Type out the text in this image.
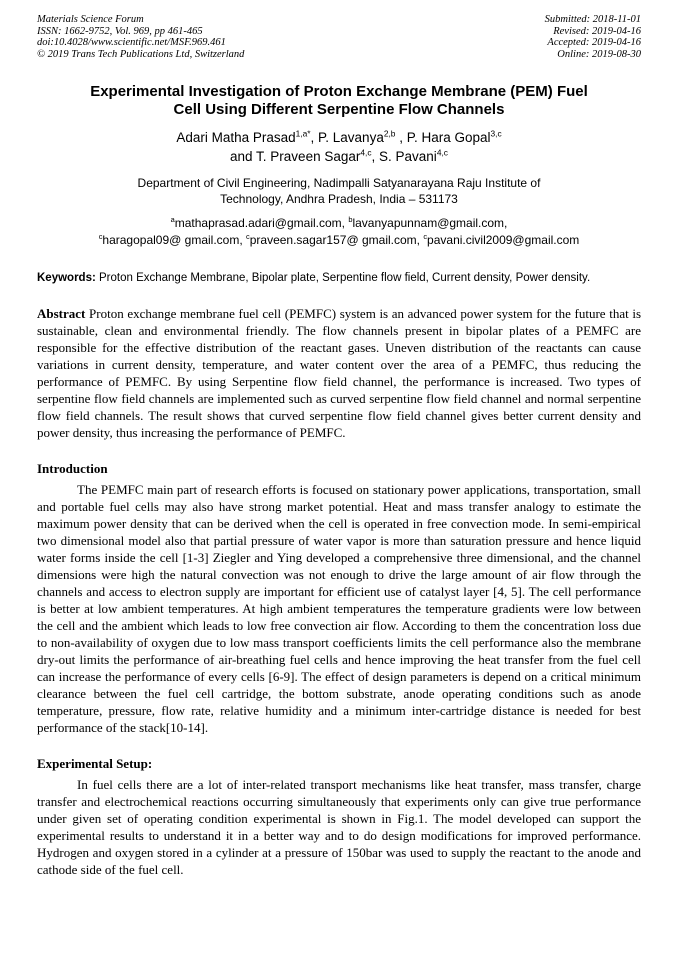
Materials Science Forum
ISSN: 1662-9752, Vol. 969, pp 461-465
doi:10.4028/www.scientific.net/MSF.969.461
© 2019 Trans Tech Publications Ltd, Switzerland
Submitted: 2018-11-01
Revised: 2019-04-16
Accepted: 2019-04-16
Online: 2019-08-30
Experimental Investigation of Proton Exchange Membrane (PEM) Fuel
Cell Using Different Serpentine Flow Channels
Adari Matha Prasad$^{1,a*}$, P. Lavanya$^{2,b}$ , P. Hara Gopal$^{3,c}$
and T. Praveen Sagar$^{4,c}$, S. Pavani$^{4,c}$
Department of Civil Engineering, Nadimpalli Satyanarayana Raju Institute of
Technology, Andhra Pradesh, India – 531173
$^a$mathaprasad.adari@gmail.com, $^b$lavanyapunnam@gmail.com,
$^c$haragopal09@ gmail.com, $^c$praveen.sagar157@ gmail.com, $^c$pavani.civil2009@gmail.com

Keywords: Proton Exchange Membrane, Bipolar plate, Serpentine flow field, Current density, Power density.

Abstract Proton exchange membrane fuel cell (PEMFC) system is an advanced power system for the future that is sustainable, clean and environmental friendly. The flow channels present in bipolar plates of a PEMFC are responsible for the effective distribution of the reactant gases. Uneven distribution of the reactants can cause variations in current density, temperature, and water content over the area of a PEMFC, thus reducing the performance of PEMFC. By using Serpentine flow field channel, the performance is increased. Two types of serpentine flow field channels are implemented such as curved serpentine flow field channel and normal serpentine flow field channels. The result shows that curved serpentine flow field channel gives better current density and power density, thus increasing the performance of PEMFC.

Introduction

The PEMFC main part of research efforts is focused on stationary power applications, transportation, small and portable fuel cells may also have strong market potential. Heat and mass transfer analogy to estimate the maximum power density that can be derived when the cell is operated in free convection mode. In semi-empirical two dimensional model also that partial pressure of water vapor is more than saturation pressure and hence liquid water forms inside the cell [1-3] Ziegler and Ying developed a comprehensive three dimensional, and the channel dimensions were high the natural convection was not enough to drive the large amount of air flow through the channels and access to electron supply are important for efficient use of catalyst layer [4, 5]. The cell performance is better at low ambient temperatures. At high ambient temperatures the temperature gradients were low between the cell and the ambient which leads to low free convection air flow. According to them the concentration loss due to non-availability of oxygen due to low mass transport coefficients limits the cell performance also the membrane dry-out limits the performance of air-breathing fuel cells and hence improving the heat transfer from the fuel cell can increase the performance of every cells [6-9]. The effect of design parameters is depend on a critical minimum clearance between the fuel cell cartridge, the bottom substrate, anode operating conditions such as anode temperature, pressure, flow rate, relative humidity and a minimum inter-cartridge distance is needed for best performance of the stack[10-14].

Experimental Setup:

In fuel cells there are a lot of inter-related transport mechanisms like heat transfer, mass transfer, charge transfer and electrochemical reactions occurring simultaneously that experiments only can give true performance under given set of operating condition experimental is shown in Fig.1. The model developed can support the experimental results to understand it in a better way and to do design modifications for improved performance. Hydrogen and oxygen stored in a cylinder at a pressure of 150bar was used to supply the reactant to the anode and cathode side of the fuel cell.
